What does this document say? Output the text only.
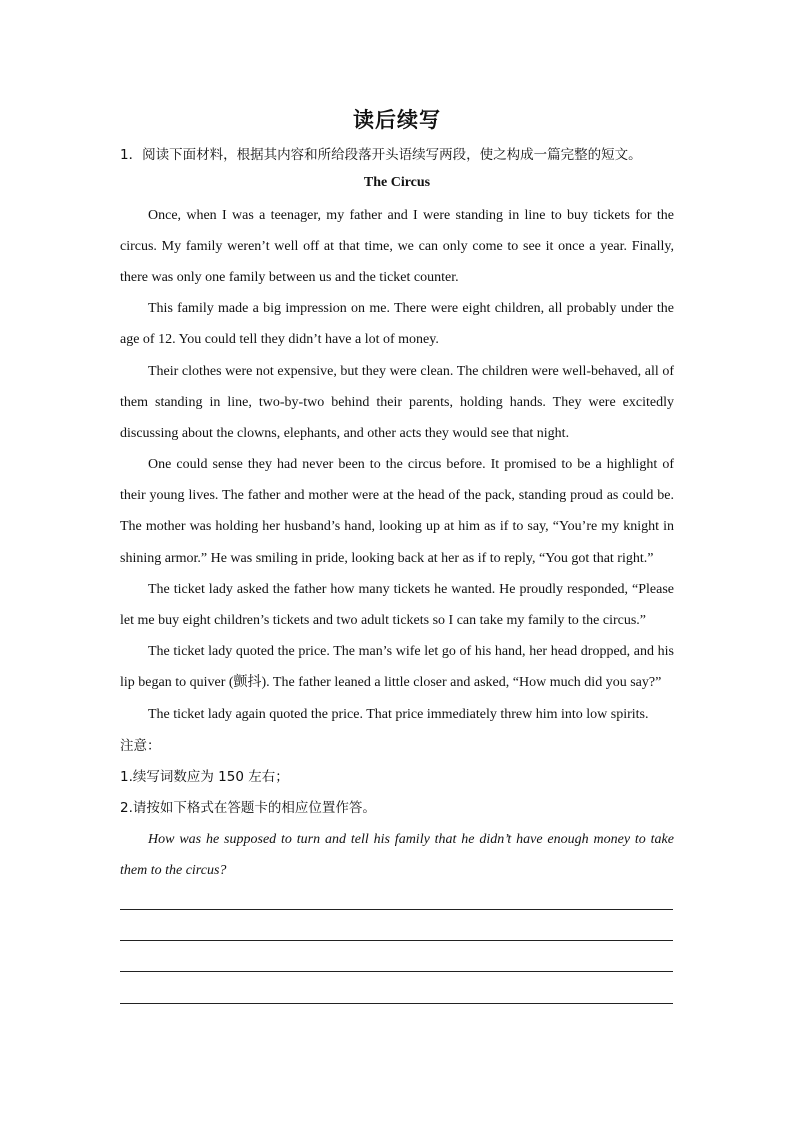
读后续写
1．阅读下面材料，根据其内容和所给段落开头语续写两段，使之构成一篇完整的短文。
The Circus
Once, when I was a teenager, my father and I were standing in line to buy tickets for the
circus. My family weren’t well off at that time, we can only come to see it once a year. Finally,
there was only one family between us and the ticket counter.
This family made a big impression on me. There were eight children, all probably under the
age of 12. You could tell they didn’t have a lot of money.
Their clothes were not expensive, but they were clean. The children were well-behaved, all of
them standing in line, two-by-two behind their parents, holding hands. They were excitedly
discussing about the clowns, elephants, and other acts they would see that night.
One could sense they had never been to the circus before. It promised to be a highlight of
their young lives. The father and mother were at the head of the pack, standing proud as could be.
The mother was holding her husband’s hand, looking up at him as if to say, “You’re my knight in
shining armor.” He was smiling in pride, looking back at her as if to reply, “You got that right.”
The ticket lady asked the father how many tickets he wanted. He proudly responded, “Please
let me buy eight children’s tickets and two adult tickets so I can take my family to the circus.”
The ticket lady quoted the price. The man’s wife let go of his hand, her head dropped, and his
lip began to quiver (颤抖). The father leaned a little closer and asked, “How much did you say?”
The ticket lady again quoted the price. That price immediately threw him into low spirits.
注意：
1.续写词数应为 150 左右；
2.请按如下格式在答题卡的相应位置作答。
How was he supposed to turn and tell his family that he didn’t have enough money to take
them to the circus?
